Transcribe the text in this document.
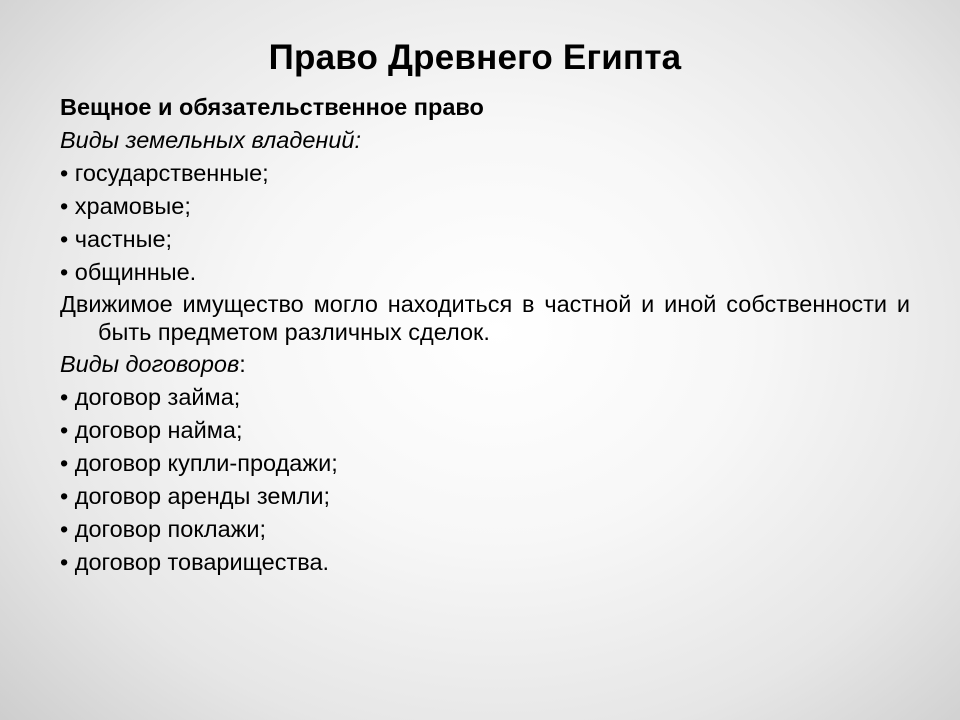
Право Древнего Египта

Вещное и обязательственное право

Виды земельных владений:

• государственные;

• храмовые;

• частные;

• общинные.

Движимое имущество могло находиться в частной и иной собственности и быть предметом различных сделок.

Виды договоров:

• договор займа;

• договор найма;

• договор купли-продажи;

• договор аренды земли;

• договор поклажи;

• договор товарищества.
